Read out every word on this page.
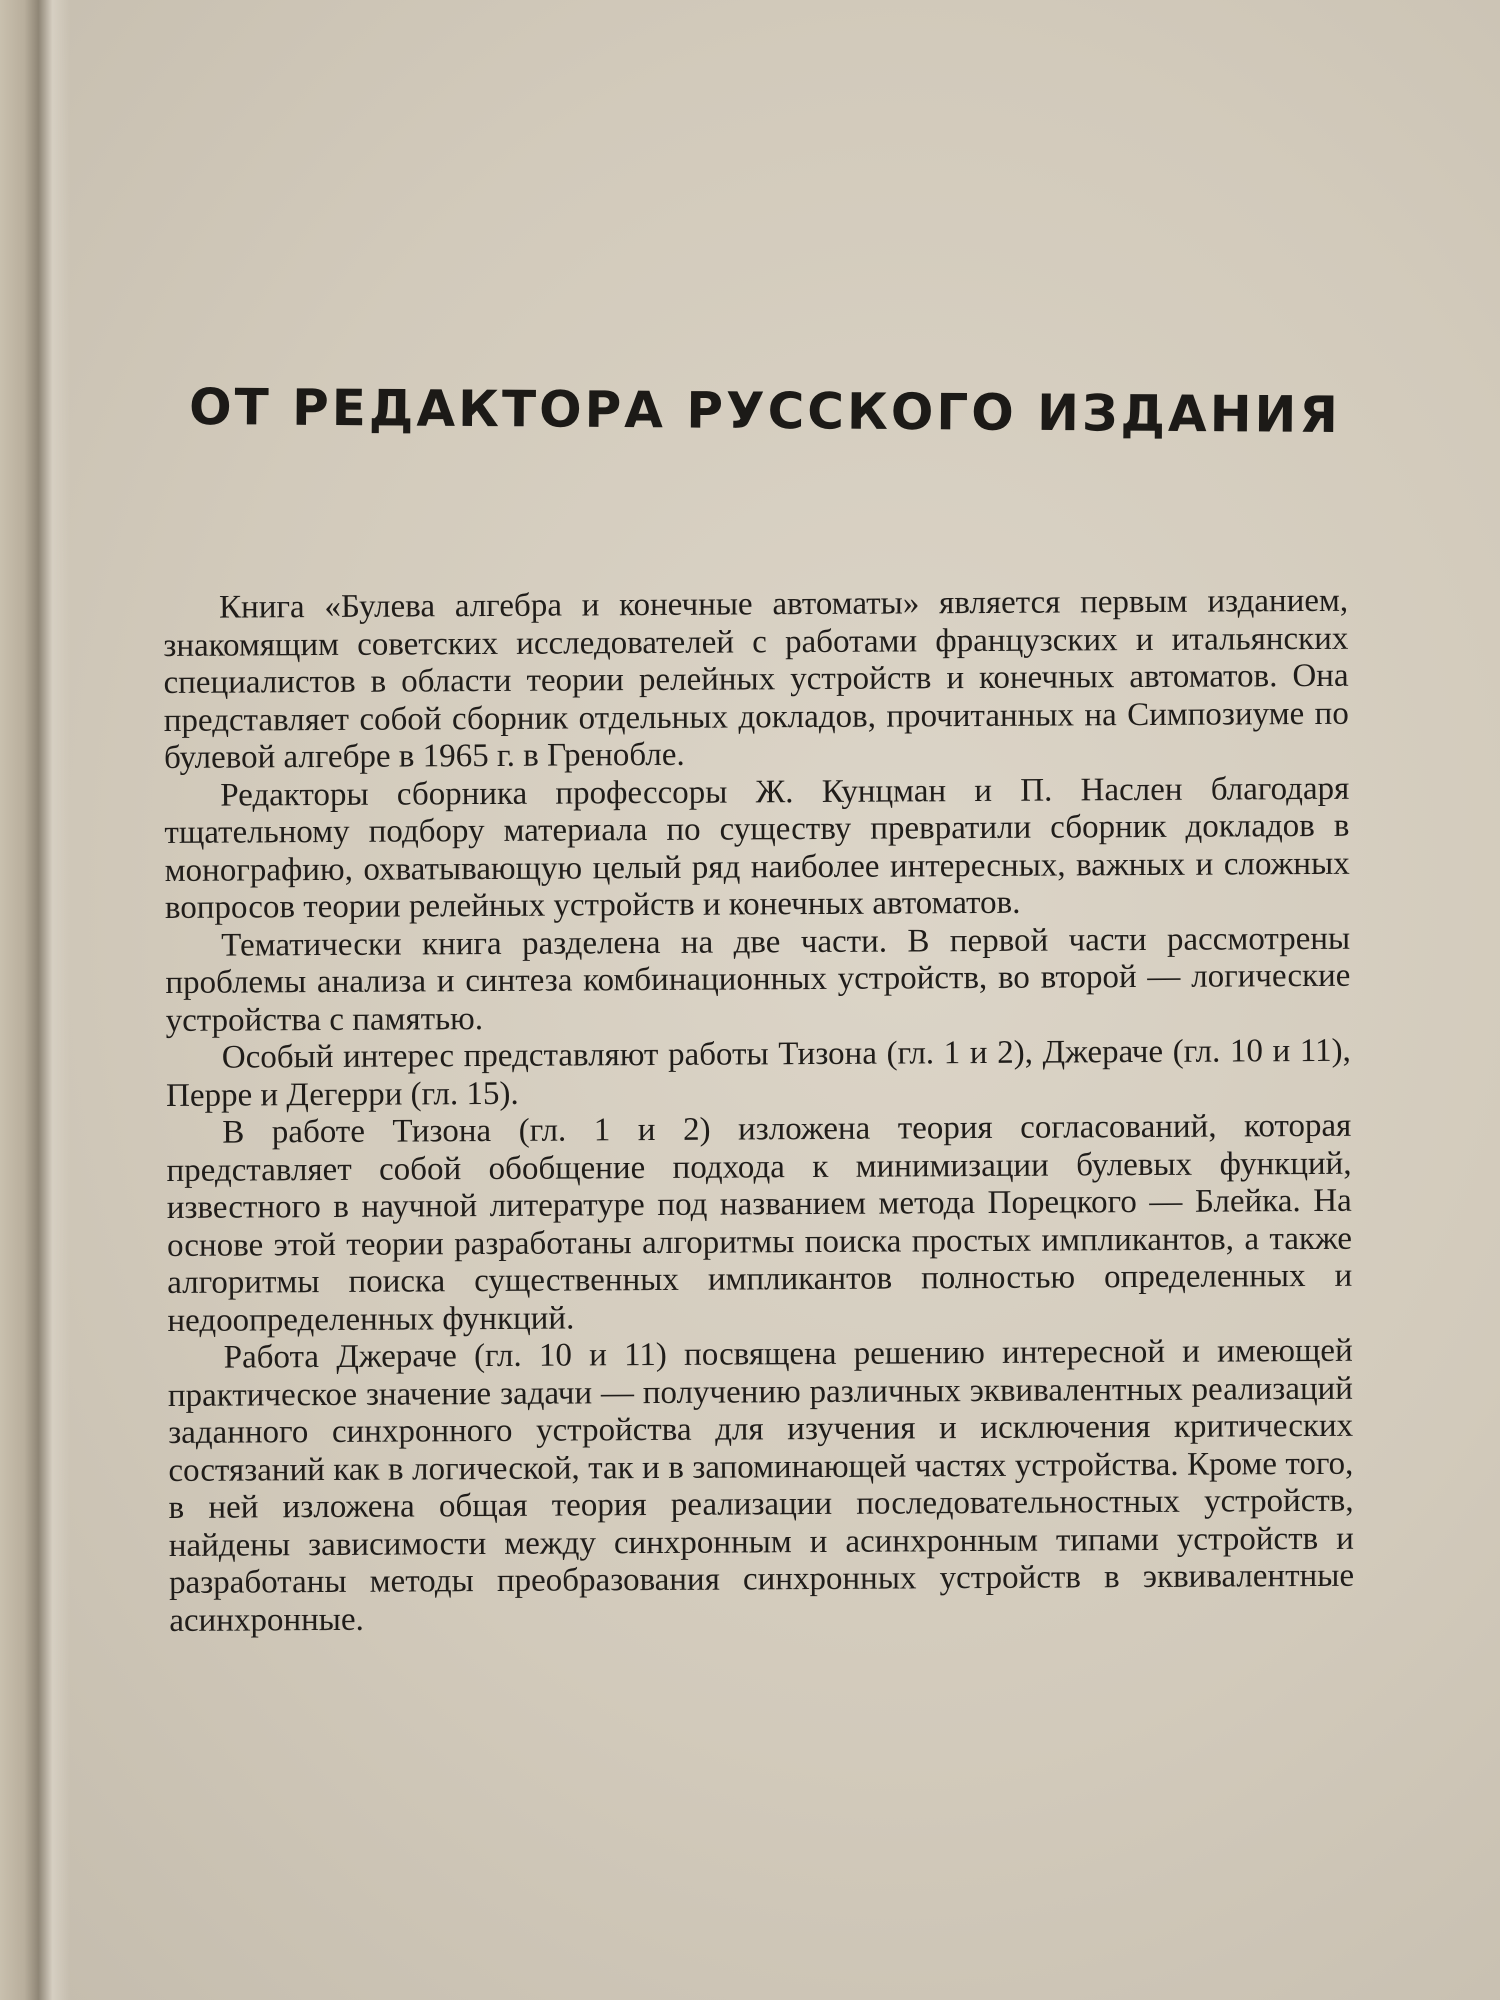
ОТ РЕДАКТОРА РУССКОГО ИЗДАНИЯ

Книга «Булева алгебра и конечные автоматы» является первым изданием, знакомящим советских исследователей с работами французских и итальянских специалистов в области теории релейных устройств и конечных автоматов. Она представляет собой сборник отдельных докладов, прочитанных на Симпозиуме по булевой алгебре в 1965 г. в Гренобле.

Редакторы сборника профессоры Ж. Кунцман и П. Наслен благодаря тщательному подбору материала по существу превратили сборник докладов в монографию, охватывающую целый ряд наиболее интересных, важных и сложных вопросов теории релейных устройств и конечных автоматов.

Тематически книга разделена на две части. В первой части рассмотрены проблемы анализа и синтеза комбинационных устройств, во второй — логические устройства с памятью.

Особый интерес представляют работы Тизона (гл. 1 и 2), Джераче (гл. 10 и 11), Перре и Дегерри (гл. 15).

В работе Тизона (гл. 1 и 2) изложена теория согласований, которая представляет собой обобщение подхода к минимизации булевых функций, известного в научной литературе под названием метода Порецкого — Блейка. На основе этой теории разработаны алгоритмы поиска простых импликантов, а также алгоритмы поиска существенных импликантов полностью определенных и недоопределенных функций.

Работа Джераче (гл. 10 и 11) посвящена решению интересной и имеющей практическое значение задачи — получению различных эквивалентных реализаций заданного синхронного устройства для изучения и исключения критических состязаний как в логической, так и в запоминающей частях устройства. Кроме того, в ней изложена общая теория реализации последовательностных устройств, найдены зависимости между синхронным и асинхронным типами устройств и разработаны методы преобразования синхронных устройств в эквивалентные асинхронные.
